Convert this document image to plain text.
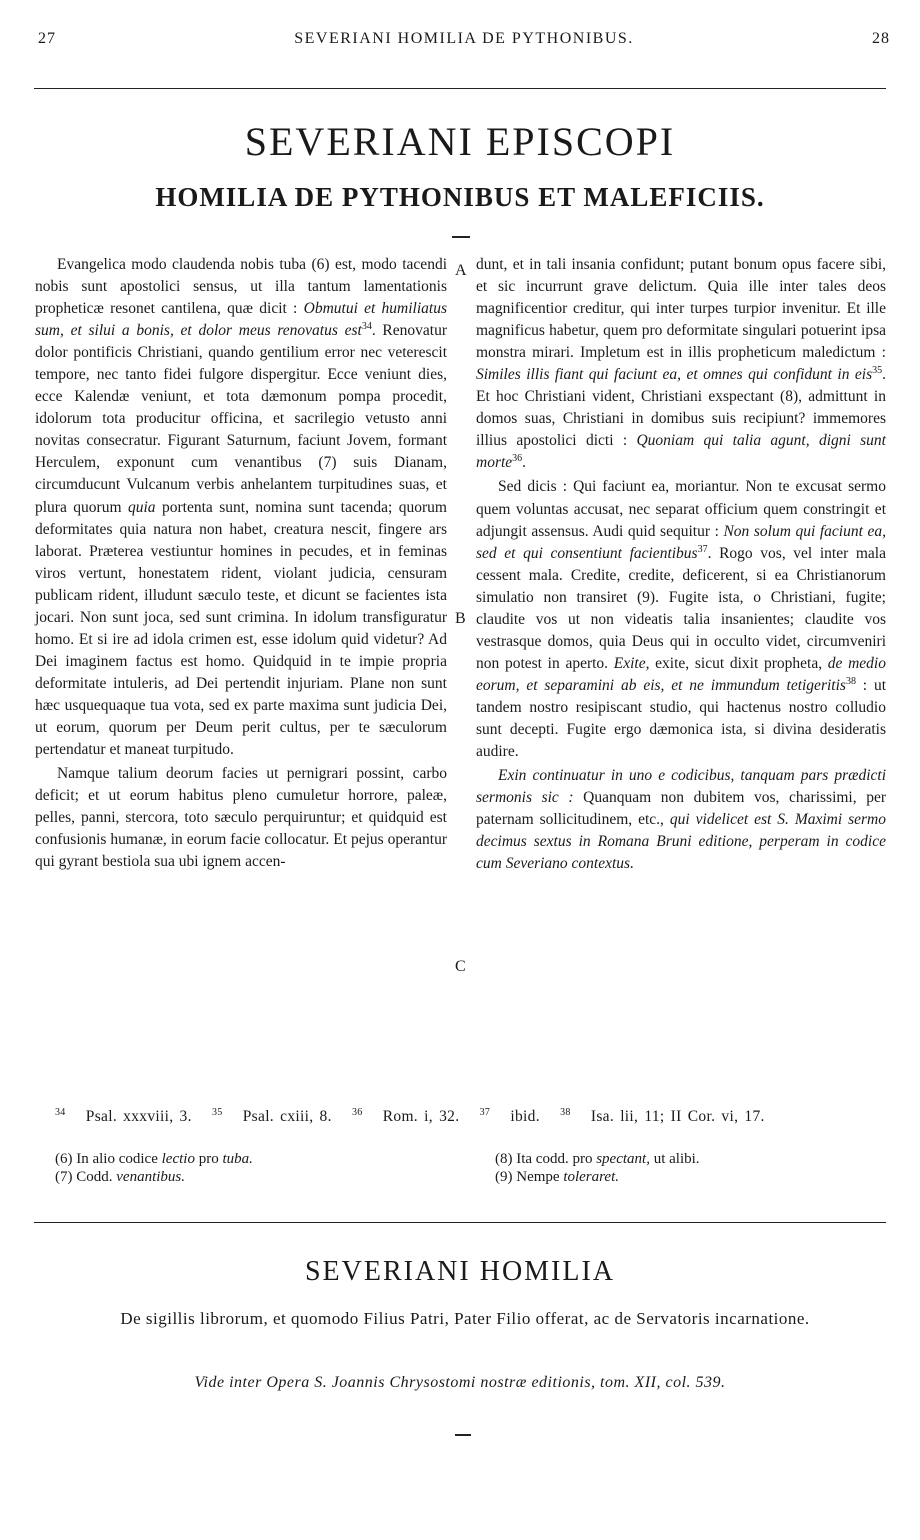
27	SEVERIANI HOMILIA DE PYTHONIBUS.	28
SEVERIANI EPISCOPI
HOMILIA DE PYTHONIBUS ET MALEFICIIS.
A
B
C

Evangelica modo claudenda nobis tuba (6) est, modo tacendi nobis sunt apostolici sensus, ut illa tantum lamentationis propheticæ resonet cantilena, quæ dicit : Obmutui et humiliatus sum, et silui a bonis, et dolor meus renovatus est$^{34}$. Renovatur dolor pontificis Christiani, quando gentilium error nec veterescit tempore, nec tanto fidei fulgore dispergitur. Ecce veniunt dies, ecce Kalendæ veniunt, et tota dæmonum pompa procedit, idolorum tota producitur officina, et sacrilegio vetusto anni novitas consecratur. Figurant Saturnum, faciunt Jovem, formant Herculem, exponunt cum venantibus (7) suis Dianam, circumducunt Vulcanum verbis anhelantem turpitudines suas, et plura quorum quia portenta sunt, nomina sunt tacenda; quorum deformitates quia natura non habet, creatura nescit, fingere ars laborat. Præterea vestiuntur homines in pecudes, et in feminas viros vertunt, honestatem rident, violant judicia, censuram publicam rident, illudunt sæculo teste, et dicunt se facientes ista jocari. Non sunt joca, sed sunt crimina. In idolum transfiguratur homo. Et si ire ad idola crimen est, esse idolum quid videtur? Ad Dei imaginem factus est homo. Quidquid in te impie propria deformitate intuleris, ad Dei pertendit injuriam. Plane non sunt hæc usquequaque tua vota, sed ex parte maxima sunt judicia Dei, ut eorum, quorum per Deum perit cultus, per te sæculorum pertendatur et maneat turpitudo.

Namque talium deorum facies ut pernigrari possint, carbo deficit; et ut eorum habitus pleno cumuletur horrore, paleæ, pelles, panni, stercora, toto sæculo perquiruntur; et quidquid est confusionis humanæ, in eorum facie collocatur. Et pejus operantur qui gyrant bestiola sua ubi ignem accen-

dunt, et in tali insania confidunt; putant bonum opus facere sibi, et sic incurrunt grave delictum. Quia ille inter tales deos magnificentior creditur, qui inter turpes turpior invenitur. Et ille magnificus habetur, quem pro deformitate singulari potuerint ipsa monstra mirari. Impletum est in illis propheticum maledictum : Similes illis fiant qui faciunt ea, et omnes qui confidunt in eis$^{35}$. Et hoc Christiani vident, Christiani exspectant (8), admittunt in domos suas, Christiani in domibus suis recipiunt? immemores illius apostolici dicti : Quoniam qui talia agunt, digni sunt morte$^{36}$.

Sed dicis : Qui faciunt ea, moriantur. Non te excusat sermo quem voluntas accusat, nec separat officium quem constringit et adjungit assensus. Audi quid sequitur : Non solum qui faciunt ea, sed et qui consentiunt facientibus$^{37}$. Rogo vos, vel inter mala cessent mala. Credite, credite, deficerent, si ea Christianorum simulatio non transiret (9). Fugite ista, o Christiani, fugite; claudite vos ut non videatis talia insanientes; claudite vos vestrasque domos, quia Deus qui in occulto videt, circumveniri non potest in aperto. Exite, exite, sicut dixit propheta, de medio eorum, et separamini ab eis, et ne immundum tetigeritis$^{38}$ : ut tandem nostro resipiscant studio, qui hactenus nostro colludio sunt decepti. Fugite ergo dæmonica ista, si divina desideratis audire.

Exin continuatur in uno e codicibus, tanquam pars prædicti sermonis sic : Quanquam non dubitem vos, charissimi, per paternam sollicitudinem, etc., qui videlicet est S. Maximi sermo decimus sextus in Romana Bruni editione, perperam in codice cum Severiano contextus.

$^{34}$ Psal. xxxviii, 3. $^{35}$ Psal. cxiii, 8. $^{36}$ Rom. i, 32. $^{37}$ ibid. $^{38}$ Isa. lii, 11; II Cor. vi, 17.
(6) In alio codice lectio pro tuba.
(7) Codd. venantibus.
(8) Ita codd. pro spectant, ut alibi.
(9) Nempe toleraret.
SEVERIANI HOMILIA
De sigillis librorum, et quomodo Filius Patri, Pater Filio offerat, ac de Servatoris incarnatione.
Vide inter Opera S. Joannis Chrysostomi nostræ editionis, tom. XII, col. 539.
